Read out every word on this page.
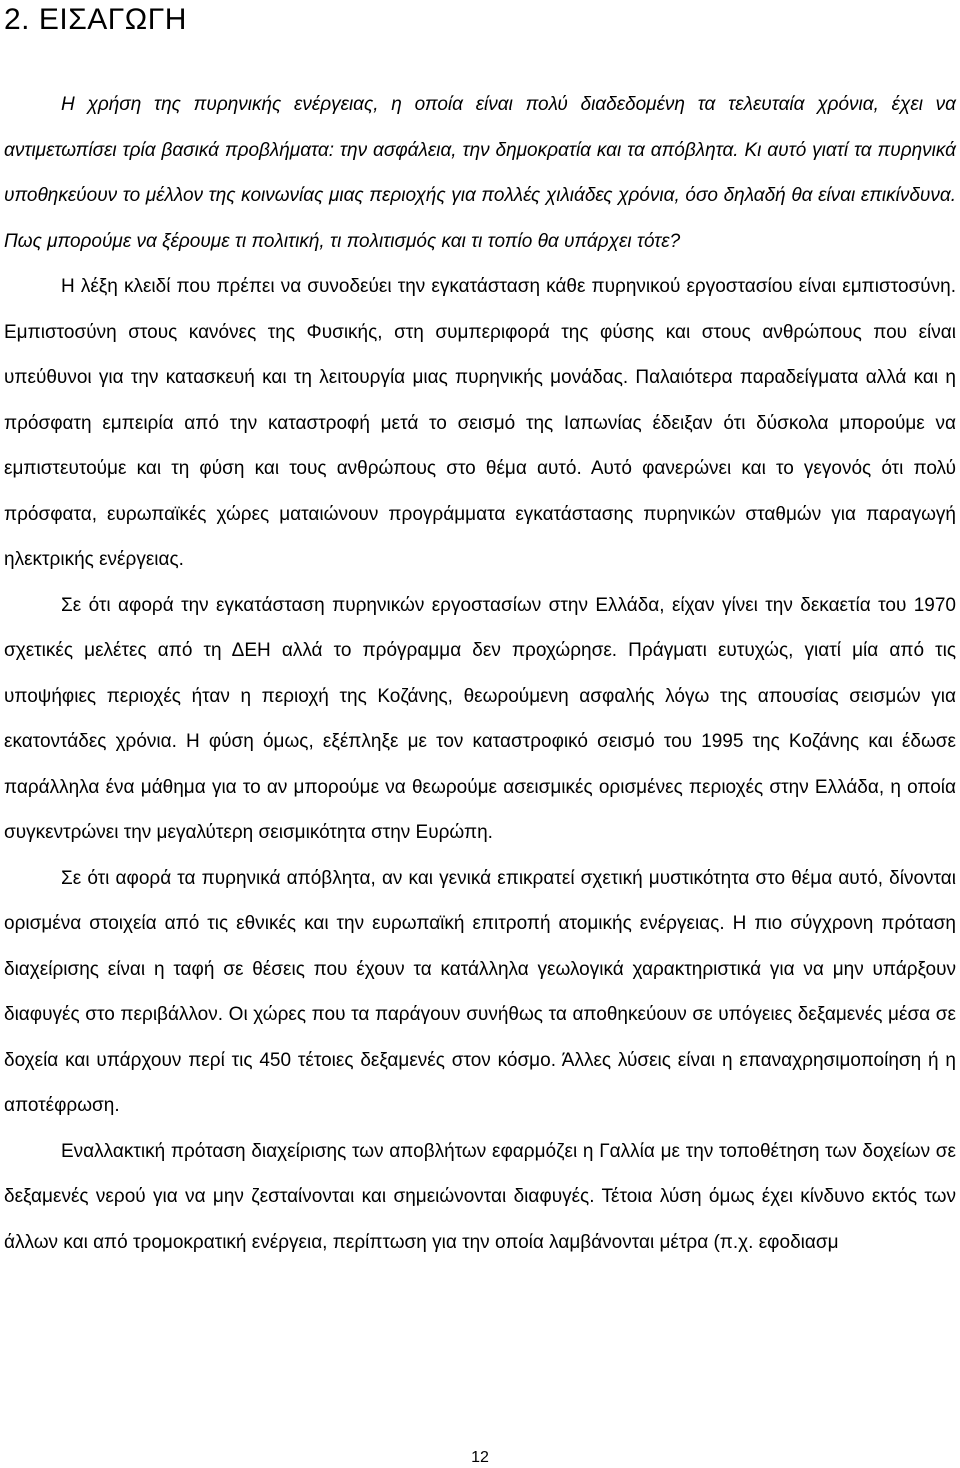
2. ΕΙΣΑΓΩΓΗ

Η χρήση της πυρηνικής ενέργειας, η οποία είναι πολύ διαδεδομένη τα τελευταία χρόνια, έχει να αντιμετωπίσει τρία βασικά προβλήματα: την ασφάλεια, την δημοκρατία και τα απόβλητα. Κι αυτό γιατί τα πυρηνικά υποθηκεύουν το μέλλον της κοινωνίας μιας περιοχής για πολλές χιλιάδες χρόνια, όσο δηλαδή θα είναι επικίνδυνα. Πως μπορούμε να ξέρουμε τι πολιτική, τι πολιτισμός και τι τοπίο θα υπάρχει τότε?

Η λέξη κλειδί που πρέπει να συνοδεύει την εγκατάσταση κάθε πυρηνικού εργοστασίου είναι εμπιστοσύνη. Εμπιστοσύνη στους κανόνες της Φυσικής, στη συμπεριφορά της φύσης και στους ανθρώπους που είναι υπεύθυνοι για την κατασκευή και τη λειτουργία μιας πυρηνικής μονάδας. Παλαιότερα παραδείγματα αλλά και η πρόσφατη εμπειρία από την καταστροφή μετά το σεισμό της Ιαπωνίας έδειξαν ότι δύσκολα μπορούμε να εμπιστευτούμε και τη φύση και τους ανθρώπους στο θέμα αυτό. Αυτό φανερώνει και το γεγονός ότι πολύ πρόσφατα, ευρωπαϊκές χώρες ματαιώνουν προγράμματα εγκατάστασης πυρηνικών σταθμών για παραγωγή ηλεκτρικής ενέργειας.

Σε ότι αφορά την εγκατάσταση πυρηνικών εργοστασίων στην Ελλάδα, είχαν γίνει την δεκαετία του 1970 σχετικές μελέτες από τη ΔΕΗ αλλά το πρόγραμμα δεν προχώρησε. Πράγματι ευτυχώς, γιατί μία από τις υποψήφιες περιοχές ήταν η περιοχή της Κοζάνης, θεωρούμενη ασφαλής λόγω της απουσίας σεισμών για εκατοντάδες χρόνια. Η φύση όμως, εξέπληξε με τον καταστροφικό σεισμό του 1995 της Κοζάνης και έδωσε παράλληλα ένα μάθημα για το αν μπορούμε να θεωρούμε ασεισμικές ορισμένες περιοχές στην Ελλάδα, η οποία συγκεντρώνει την μεγαλύτερη σεισμικότητα στην Ευρώπη.

Σε ότι αφορά τα πυρηνικά απόβλητα, αν και γενικά επικρατεί σχετική μυστικότητα στο θέμα αυτό, δίνονται ορισμένα στοιχεία από τις εθνικές και την ευρωπαϊκή επιτροπή ατομικής ενέργειας. Η πιο σύγχρονη πρόταση διαχείρισης είναι η ταφή σε θέσεις που έχουν τα κατάλληλα γεωλογικά χαρακτηριστικά για να μην υπάρξουν διαφυγές στο περιβάλλον. Οι χώρες που τα παράγουν συνήθως τα αποθηκεύουν σε υπόγειες δεξαμενές μέσα σε δοχεία και υπάρχουν περί τις 450 τέτοιες δεξαμενές στον κόσμο. Άλλες λύσεις είναι η επαναχρησιμοποίηση ή η αποτέφρωση.

Εναλλακτική πρόταση διαχείρισης των αποβλήτων εφαρμόζει η Γαλλία με την τοποθέτηση των δοχείων σε δεξαμενές νερού για να μην ζεσταίνονται και σημειώνονται διαφυγές. Τέτοια λύση όμως έχει κίνδυνο εκτός των άλλων και από τρομοκρατική ενέργεια, περίπτωση για την οποία λαμβάνονται μέτρα (π.χ. εφοδιασμ

12
